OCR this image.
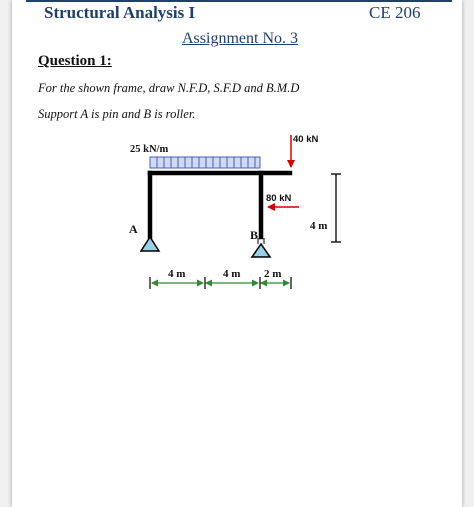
Structural Analysis I	CE 206
Assignment No. 3
Question 1:
For the shown frame, draw N.F.D, S.F.D and B.M.D
Support A is pin and B is roller.
25 kN/m
40 kN
80 kN
A	B
4 m
4 m	4 m 2 m
